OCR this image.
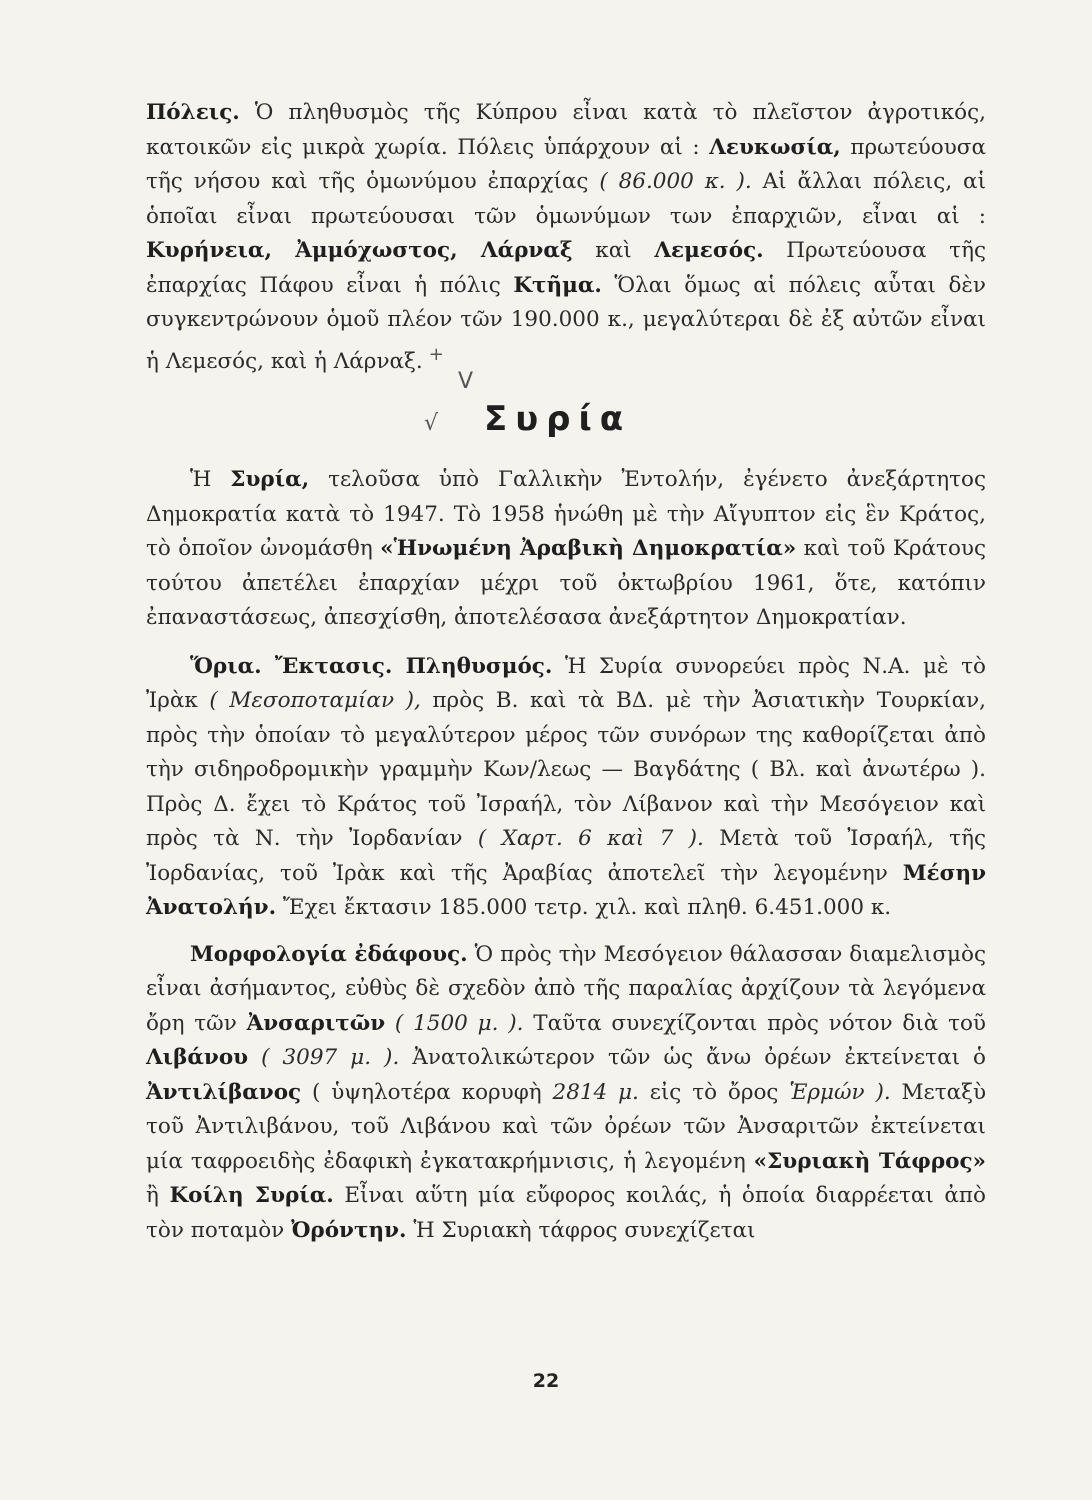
Πόλεις. Ὁ πληθυσμὸς τῆς Κύπρου εἶναι κατὰ τὸ πλεῖστον ἀγροτικός, κατοικῶν εἰς μικρὰ χωρία. Πόλεις ὑπάρχουν αἱ : Λευκωσία, πρωτεύουσα τῆς νήσου καὶ τῆς ὁμωνύμου ἐπαρχίας ( 86.000 κ. ). Αἱ ἄλλαι πόλεις, αἱ ὁποῖαι εἶναι πρωτεύουσαι τῶν ὁμωνύμων των ἐπαρχιῶν, εἶναι αἱ : Κυρήνεια, Ἀμμόχωστος, Λάρναξ καὶ Λεμεσός. Πρωτεύουσα τῆς ἐπαρχίας Πάφου εἶναι ἡ πόλις Κτῆμα. Ὅλαι ὅμως αἱ πόλεις αὗται δὲν συγκεντρώνουν ὁμοῦ πλέον τῶν 190.000 κ., μεγαλύτεραι δὲ ἐξ αὐτῶν εἶναι ἡ Λεμεσός, καὶ ἡ Λάρναξ. +

V
√ Συρία

Ἡ Συρία, τελοῦσα ὑπὸ Γαλλικὴν Ἐντολήν, ἐγένετο ἀνεξάρτητος Δημοκρατία κατὰ τὸ 1947. Τὸ 1958 ἡνώθη μὲ τὴν Αἴγυπτον εἰς ἓν Κράτος, τὸ ὁποῖον ὠνομάσθη «Ἡνωμένη Ἀραβικὴ Δημοκρατία» καὶ τοῦ Κράτους τούτου ἀπετέλει ἐπαρχίαν μέχρι τοῦ ὀκτωβρίου 1961, ὅτε, κατόπιν ἐπαναστάσεως, ἀπεσχίσθη, ἀποτελέσασα ἀνεξάρτητον Δημοκρατίαν.

Ὅρια. Ἔκτασις. Πληθυσμός. Ἡ Συρία συνορεύει πρὸς Ν.Α. μὲ τὸ Ἰρὰκ ( Μεσοποταμίαν ), πρὸς Β. καὶ τὰ ΒΔ. μὲ τὴν Ἀσιατικὴν Τουρκίαν, πρὸς τὴν ὁποίαν τὸ μεγαλύτερον μέρος τῶν συνόρων της καθορίζεται ἀπὸ τὴν σιδηροδρομικὴν γραμμὴν Κων/λεως — Βαγδάτης ( Βλ. καὶ ἀνωτέρω ). Πρὸς Δ. ἔχει τὸ Κράτος τοῦ Ἰσραήλ, τὸν Λίβανον καὶ τὴν Μεσόγειον καὶ πρὸς τὰ Ν. τὴν Ἰορδανίαν ( Χαρτ. 6 καὶ 7 ). Μετὰ τοῦ Ἰσραήλ, τῆς Ἰορδανίας, τοῦ Ἰρὰκ καὶ τῆς Ἀραβίας ἀποτελεῖ τὴν λεγομένην Μέσην Ἀνατολήν. Ἔχει ἔκτασιν 185.000 τετρ. χιλ. καὶ πληθ. 6.451.000 κ.

Μορφολογία ἐδάφους. Ὁ πρὸς τὴν Μεσόγειον θάλασσαν διαμελισμὸς εἶναι ἀσήμαντος, εὐθὺς δὲ σχεδὸν ἀπὸ τῆς παραλίας ἀρχίζουν τὰ λεγόμενα ὄρη τῶν Ἀνσαριτῶν ( 1500 μ. ). Ταῦτα συνεχίζονται πρὸς νότον διὰ τοῦ Λιβάνου ( 3097 μ. ). Ἀνατολικώτερον τῶν ὡς ἄνω ὀρέων ἐκτείνεται ὁ Ἀντιλίβανος ( ὑψηλοτέρα κορυφὴ 2814 μ. εἰς τὸ ὄρος Ἑρμών ). Μεταξὺ τοῦ Ἀντιλιβάνου, τοῦ Λιβάνου καὶ τῶν ὀρέων τῶν Ἀνσαριτῶν ἐκτείνεται μία ταφροειδὴς ἐδαφικὴ ἐγκατακρήμνισις, ἡ λεγομένη «Συριακὴ Τάφρος» ἢ Κοίλη Συρία. Εἶναι αὕτη μία εὔφορος κοιλάς, ἡ ὁποία διαρρέεται ἀπὸ τὸν ποταμὸν Ὀρόντην. Ἡ Συριακὴ τάφρος συνεχίζεται

22
